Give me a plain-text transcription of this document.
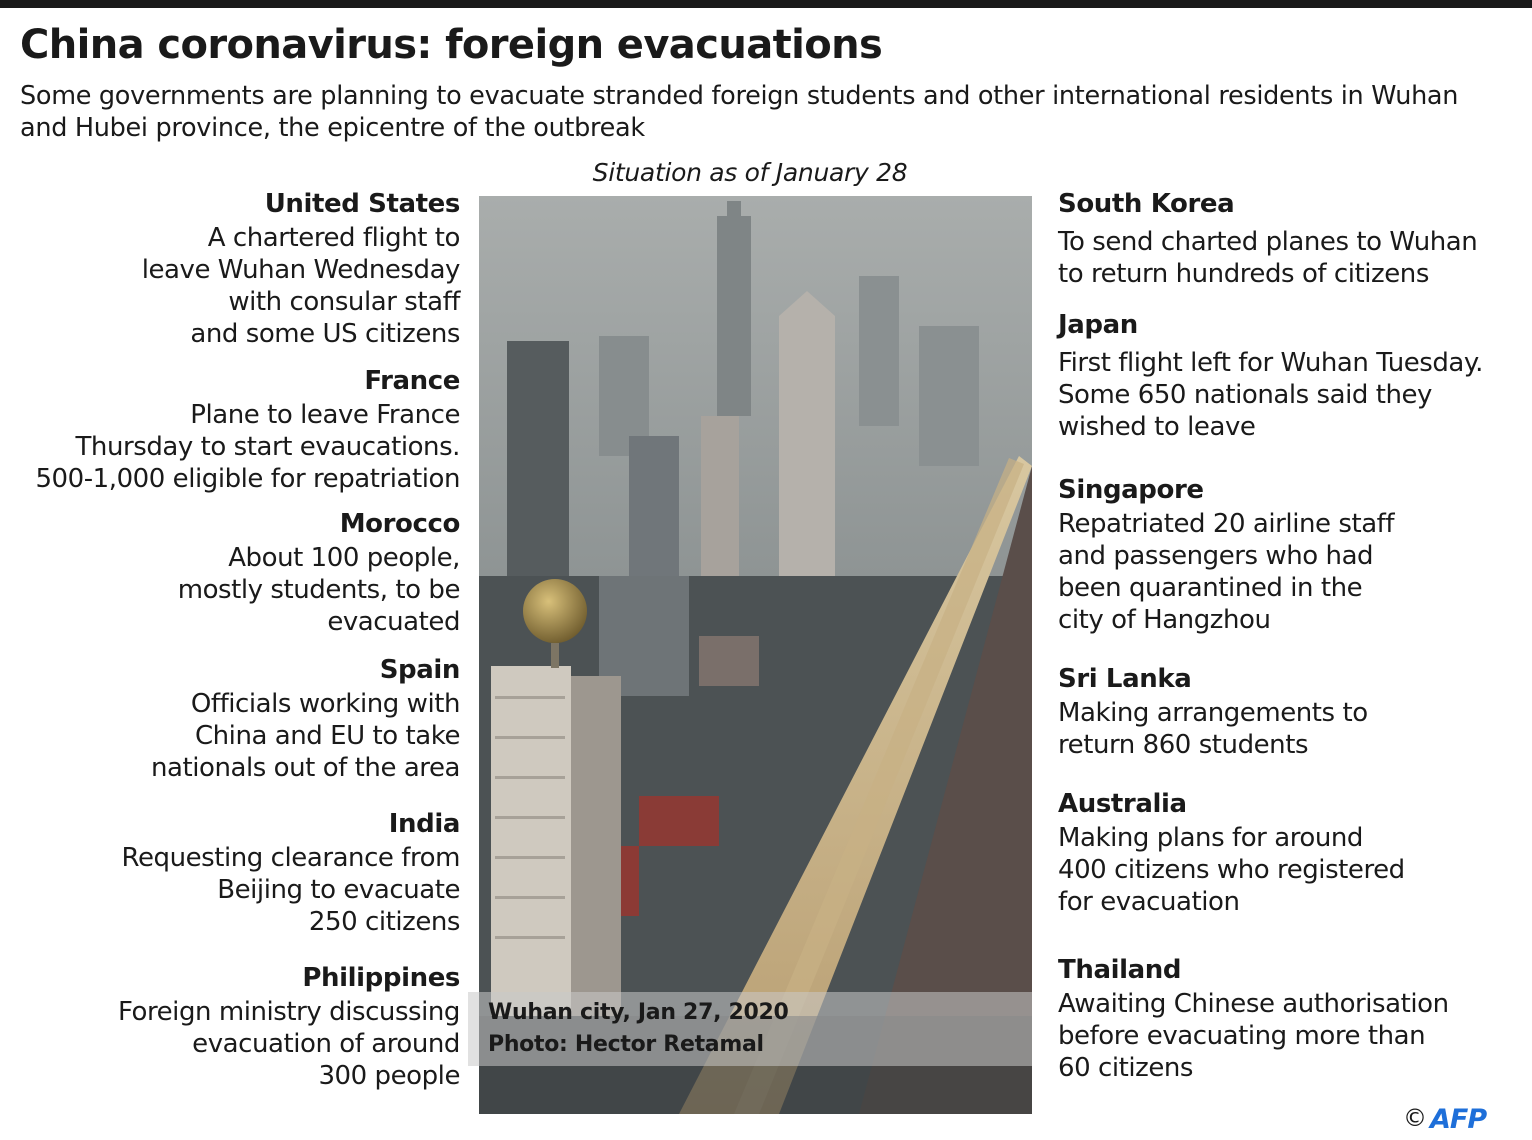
China coronavirus: foreign evacuations

Some governments are planning to evacuate stranded foreign students and other international residents in Wuhan and Hubei province, the epicentre of the outbreak

Situation as of January 28
United States

A chartered flight to
leave Wuhan Wednesday
with consular staff
and some US citizens

France

Plane to leave France
Thursday to start evaucations.
500-1,000 eligible for repatriation

Morocco

About 100 people,
mostly students, to be
evacuated

Spain

Officials working with
China and EU to take
nationals out of the area

India

Requesting clearance from
Beijing to evacuate
250 citizens

Philippines

Foreign ministry discussing
evacuation of around
300 people

Wuhan city, Jan 27, 2020
Photo: Hector Retamal
South Korea

To send charted planes to Wuhan
to return hundreds of citizens

Japan

First flight left for Wuhan Tuesday.
Some 650 nationals said they
wished to leave

Singapore

Repatriated 20 airline staff
and passengers who had
been quarantined in the
city of Hangzhou

Sri Lanka

Making arrangements to
return 860 students

Australia

Making plans for around
400 citizens who registered
for evacuation

Thailand

Awaiting Chinese authorisation
before evacuating more than
60 citizens

© AFP
